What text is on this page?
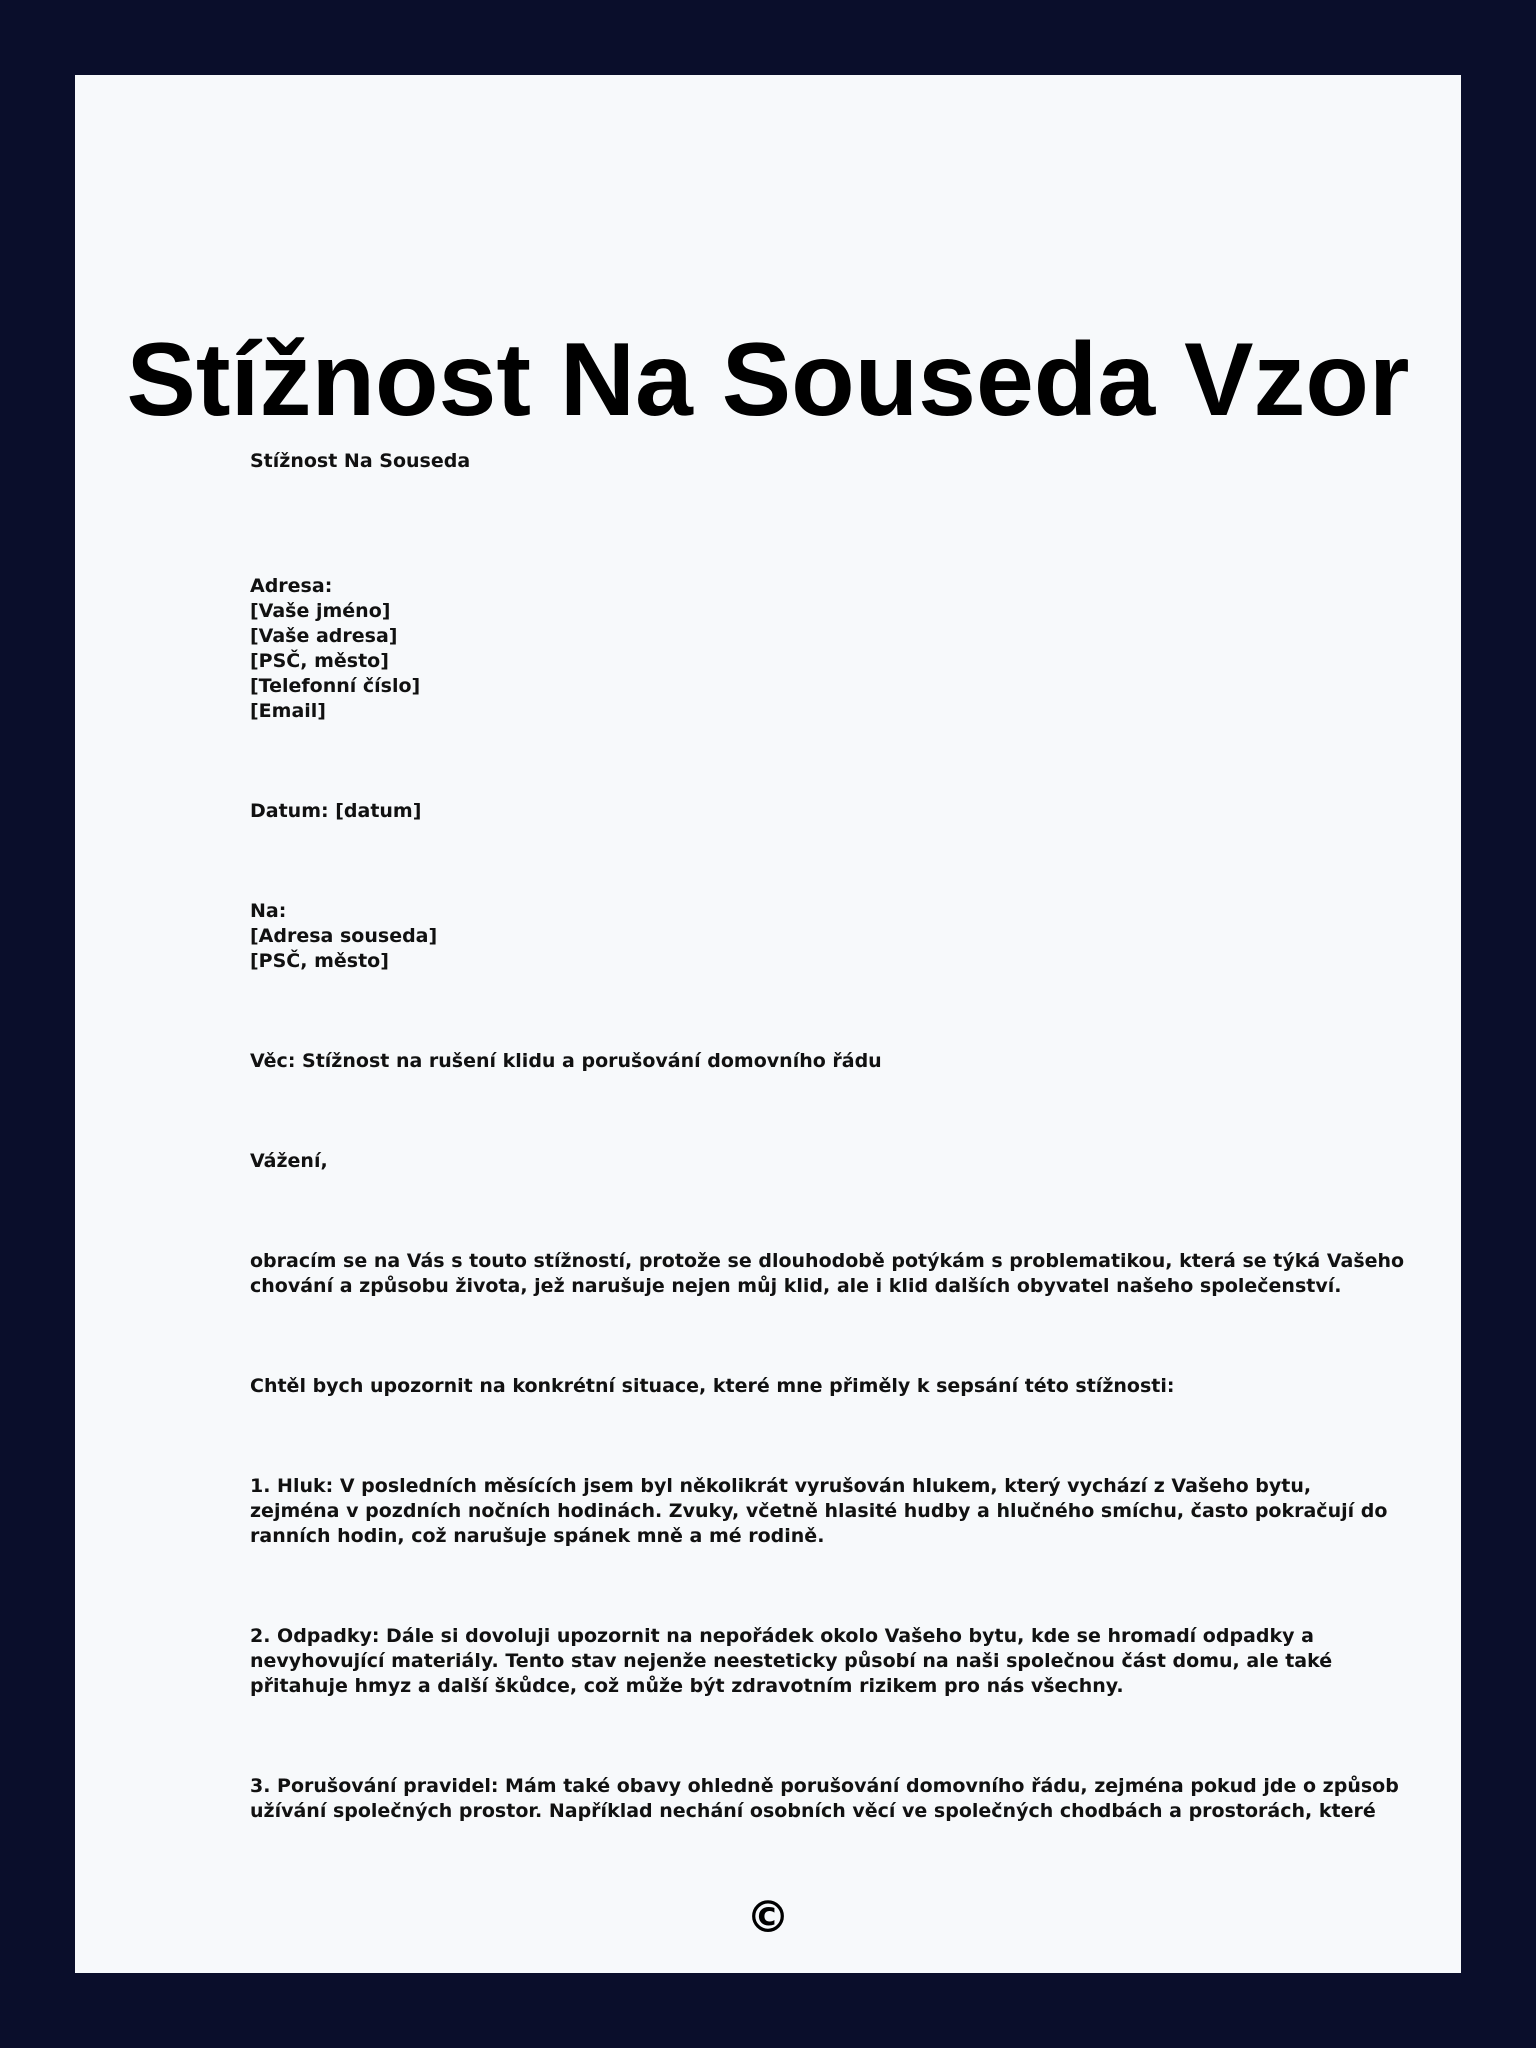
Stížnost Na Souseda Vzor
Stížnost Na Souseda
Adresa:
[Vaše jméno]
[Vaše adresa]
[PSČ, město]
[Telefonní číslo]
[Email]
Datum: [datum]
Na:
[Adresa souseda]
[PSČ, město]
Věc: Stížnost na rušení klidu a porušování domovního řádu
Vážení,
obracím se na Vás s touto stížností, protože se dlouhodobě potýkám s problematikou, která se týká Vašeho
chování a způsobu života, jež narušuje nejen můj klid, ale i klid dalších obyvatel našeho společenství.
Chtěl bych upozornit na konkrétní situace, které mne přiměly k sepsání této stížnosti:
1. Hluk: V posledních měsících jsem byl několikrát vyrušován hlukem, který vychází z Vašeho bytu,
zejména v pozdních nočních hodinách. Zvuky, včetně hlasité hudby a hlučného smíchu, často pokračují do
ranních hodin, což narušuje spánek mně a mé rodině.
2. Odpadky: Dále si dovoluji upozornit na nepořádek okolo Vašeho bytu, kde se hromadí odpadky a
nevyhovující materiály. Tento stav nejenže neesteticky působí na naši společnou část domu, ale také
přitahuje hmyz a další škůdce, což může být zdravotním rizikem pro nás všechny.
3. Porušování pravidel: Mám také obavy ohledně porušování domovního řádu, zejména pokud jde o způsob
užívání společných prostor. Například nechání osobních věcí ve společných chodbách a prostorách, které
©
